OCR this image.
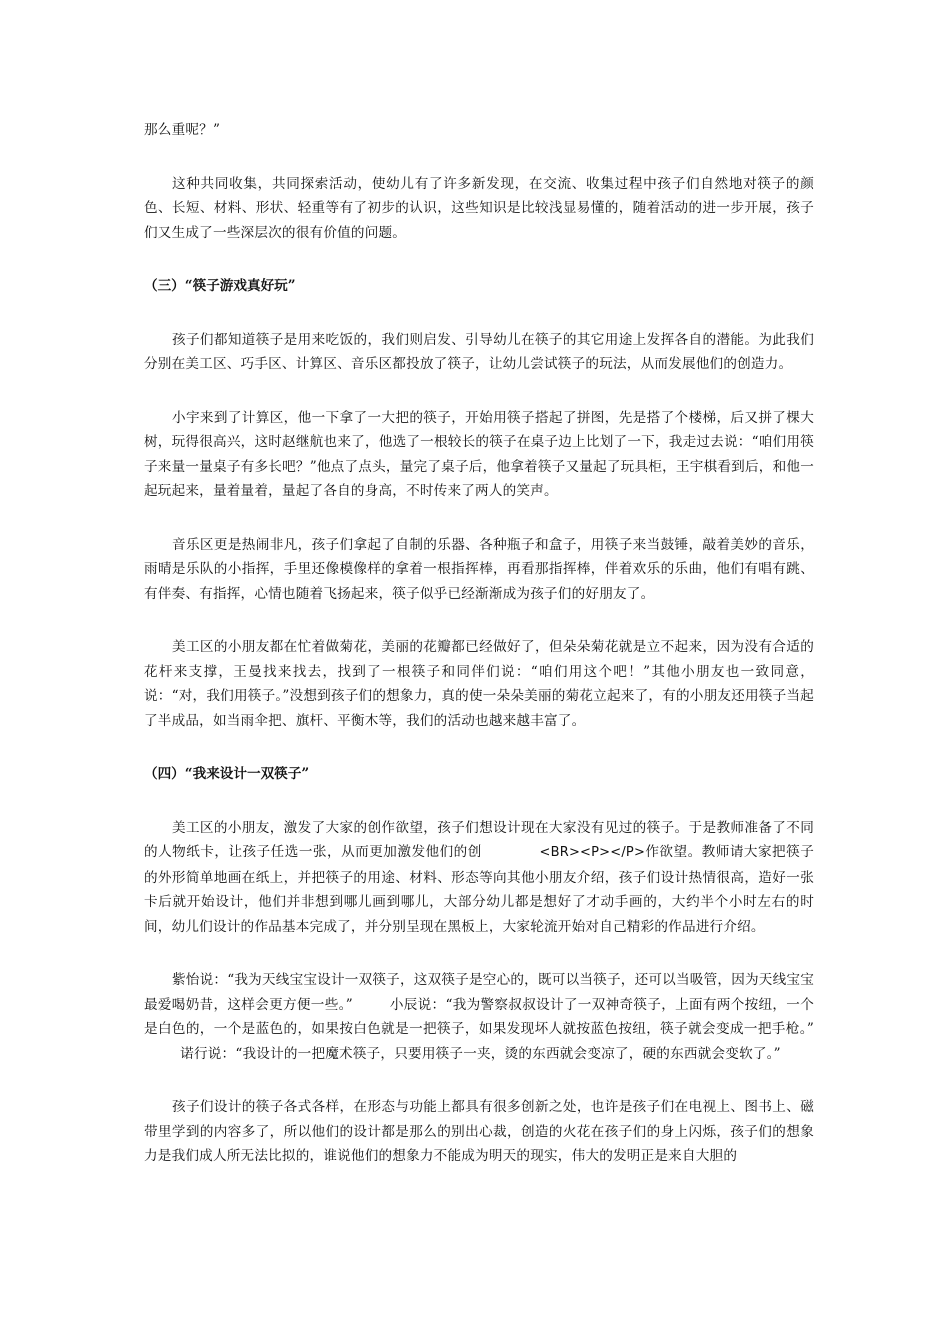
那么重呢？”

这种共同收集，共同探索活动，使幼儿有了许多新发现，在交流、收集过程中孩子们自然地对筷子的颜色、长短、材料、形状、轻重等有了初步的认识，这些知识是比较浅显易懂的，随着活动的进一步开展，孩子们又生成了一些深层次的很有价值的问题。

（三）“筷子游戏真好玩”

孩子们都知道筷子是用来吃饭的，我们则启发、引导幼儿在筷子的其它用途上发挥各自的潜能。为此我们分别在美工区、巧手区、计算区、音乐区都投放了筷子，让幼儿尝试筷子的玩法，从而发展他们的创造力。

小宇来到了计算区，他一下拿了一大把的筷子，开始用筷子搭起了拼图，先是搭了个楼梯，后又拼了棵大树，玩得很高兴，这时赵继航也来了，他选了一根较长的筷子在桌子边上比划了一下，我走过去说：“咱们用筷子来量一量桌子有多长吧？”他点了点头，量完了桌子后，他拿着筷子又量起了玩具柜，王宇棋看到后，和他一起玩起来，量着量着，量起了各自的身高，不时传来了两人的笑声。

音乐区更是热闹非凡，孩子们拿起了自制的乐器、各种瓶子和盒子，用筷子来当鼓锤，敲着美妙的音乐，雨晴是乐队的小指挥，手里还像模像样的拿着一根指挥棒，再看那指挥棒，伴着欢乐的乐曲，他们有唱有跳、有伴奏、有指挥，心情也随着飞扬起来，筷子似乎已经渐渐成为孩子们的好朋友了。

美工区的小朋友都在忙着做菊花，美丽的花瓣都已经做好了，但朵朵菊花就是立不起来，因为没有合适的花杆来支撑，王曼找来找去，找到了一根筷子和同伴们说：“咱们用这个吧！”其他小朋友也一致同意，说：“对，我们用筷子。”没想到孩子们的想象力，真的使一朵朵美丽的菊花立起来了，有的小朋友还用筷子当起了半成品，如当雨伞把、旗杆、平衡木等，我们的活动也越来越丰富了。

（四）“我来设计一双筷子”

美工区的小朋友，激发了大家的创作欲望，孩子们想设计现在大家没有见过的筷子。于是教师准备了不同的人物纸卡，让孩子任选一张，从而更加激发他们的创	<BR><P></P>作欲望。教师请大家把筷子的外形简单地画在纸上，并把筷子的用途、材料、形态等向其他小朋友介绍，孩子们设计热情很高，造好一张卡后就开始设计，他们并非想到哪儿画到哪儿，大部分幼儿都是想好了才动手画的，大约半个小时左右的时间，幼儿们设计的作品基本完成了，并分别呈现在黑板上，大家轮流开始对自己精彩的作品进行介绍。

紫怡说：“我为天线宝宝设计一双筷子，这双筷子是空心的，既可以当筷子，还可以当吸管，因为天线宝宝最爱喝奶昔，这样会更方便一些。”	小辰说：“我为警察叔叔设计了一双神奇筷子，上面有两个按纽，一个是白色的，一个是蓝色的，如果按白色就是一把筷子，如果发现坏人就按蓝色按纽，筷子就会变成一把手枪。”        诺行说：“我设计的一把魔术筷子，只要用筷子一夹，烫的东西就会变凉了，硬的东西就会变软了。”

孩子们设计的筷子各式各样，在形态与功能上都具有很多创新之处，也许是孩子们在电视上、图书上、磁带里学到的内容多了，所以他们的设计都是那么的别出心裁，创造的火花在孩子们的身上闪烁，孩子们的想象力是我们成人所无法比拟的，谁说他们的想象力不能成为明天的现实，伟大的发明正是来自大胆的
